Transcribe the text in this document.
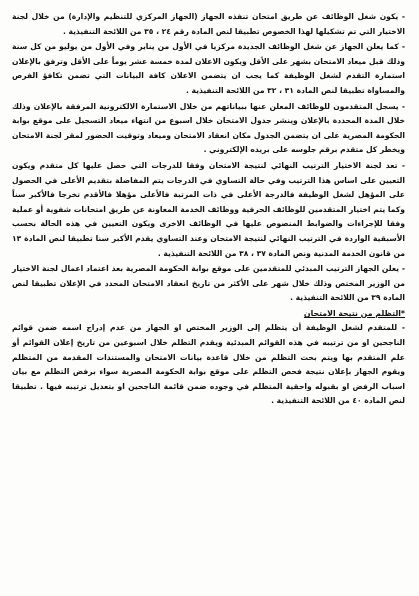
- يكون شغل الوظائف عن طريق امتحان تنفذه الجهاز (الجهاز المركزي للتنظيم والإدارة) من خلال لجنة الاختيار التي تم تشكيلها لهذا الخصوص تطبيقا لنص المادة رقم ٢٤ ، ٣٥ من اللائحة التنفيذية .

- كما يعلن الجهاز عن شغل الوظائف الجديدة مركزيا في الأول من يناير وفي الأول من يوليو من كل سنة وذلك قبل ميعاد الامتحان بشهر على الأقل ويكون الاعلان لمدة خمسة عشر يوماً على الأقل وترفق بالإعلان استمارة التقدم لشغل الوظيفة كما يجب ان يتضمن الاعلان كافة البيانات التي تضمن تكافؤ الفرص والمساواة تطبيقا لنص المادة ٣١ ، ٣٢ من اللائحة التنفيذية .

- يسجل المتقدمون للوظائف المعلن عنها ببياناتهم من خلال الاستمارة الالكترونية المرفقة بالإعلان وذلك خلال المدة المحددة بالإعلان وينشر جدول الامتحان خلال اسبوع من انتهاء ميعاد التسجيل على موقع بوابة الحكومة المصرية على ان يتضمن الجدول مكان انعقاد الامتحان وميعاد وتوقيت الحضور لمقر لجنة الامتحان ويخطر كل متقدم برقم جلوسه على بريده الإلكتروني .

- تعد لجنة الاختيار الترتيب النهائي لنتيجة الامتحان وفقا للدرجات التي حصل عليها كل متقدم ويكون التعيين على اساس هذا الترتيب وفي حالة التساوي في الدرجات يتم المفاضلة بتقديم الأعلى في الحصول على المؤهل لشغل الوظيفة فالدرجة الأعلى في ذات المرتبة فالأعلى مؤهلا فالأقدم تخرجا فالأكبر سناً وكما يتم اختيار المتقدمين للوظائف الحرفية ووظائف الخدمة المعاونة عن طريق امتحانات شفوية أو عملية وفقا للإجراءات والضوابط المنصوص عليها في الوظائف الاخرى ويكون التعيين في هذه الحالة بحسب الأسبقية الواردة في الترتيب النهائي لنتيجة الامتحان وعند التساوي يقدم الأكبر سنا تطبيقا لنص المادة ١٣ من قانون الخدمة المدنية ونص المادة ٣٧ ، ٣٨ من اللائحة التنفيذية .

- يعلن الجهاز الترتيب المبدئي للمتقدمين على موقع بوابة الحكومة المصرية بعد اعتماد اعمال لجنة الاختيار من الوزير المختص وذلك خلال شهر على الأكثر من تاريخ انعقاد الامتحان المحدد في الإعلان تطبيقا لنص المادة ٣٩ من اللائحة التنفيذية .

*التظلم من نتيجة الامتحان

- للمتقدم لشغل الوظيفة أن يتظلم إلى الوزير المختص او الجهاز من عدم إدراج اسمه ضمن قوائم الناجحين او من ترتيبه في هذه القوائم المبدئية ويقدم التظلم خلال اسبوعين من تاريخ إعلان القوائم أو علم المتقدم بها ويتم بحث التظلم من خلال قاعدة بيانات الامتحان والمستندات المقدمة من المتظلم ويقوم الجهاز بإعلان نتيجة فحص التظلم على موقع بوابة الحكومة المصرية سواء برفض التظلم مع بيان اسباب الرفض او بقبوله واحقية المتظلم في وجوده ضمن قائمة الناجحين او بتعديل ترتيبه فيها . تطبيقا لنص المادة ٤٠ من اللائحة التنفيذية .
